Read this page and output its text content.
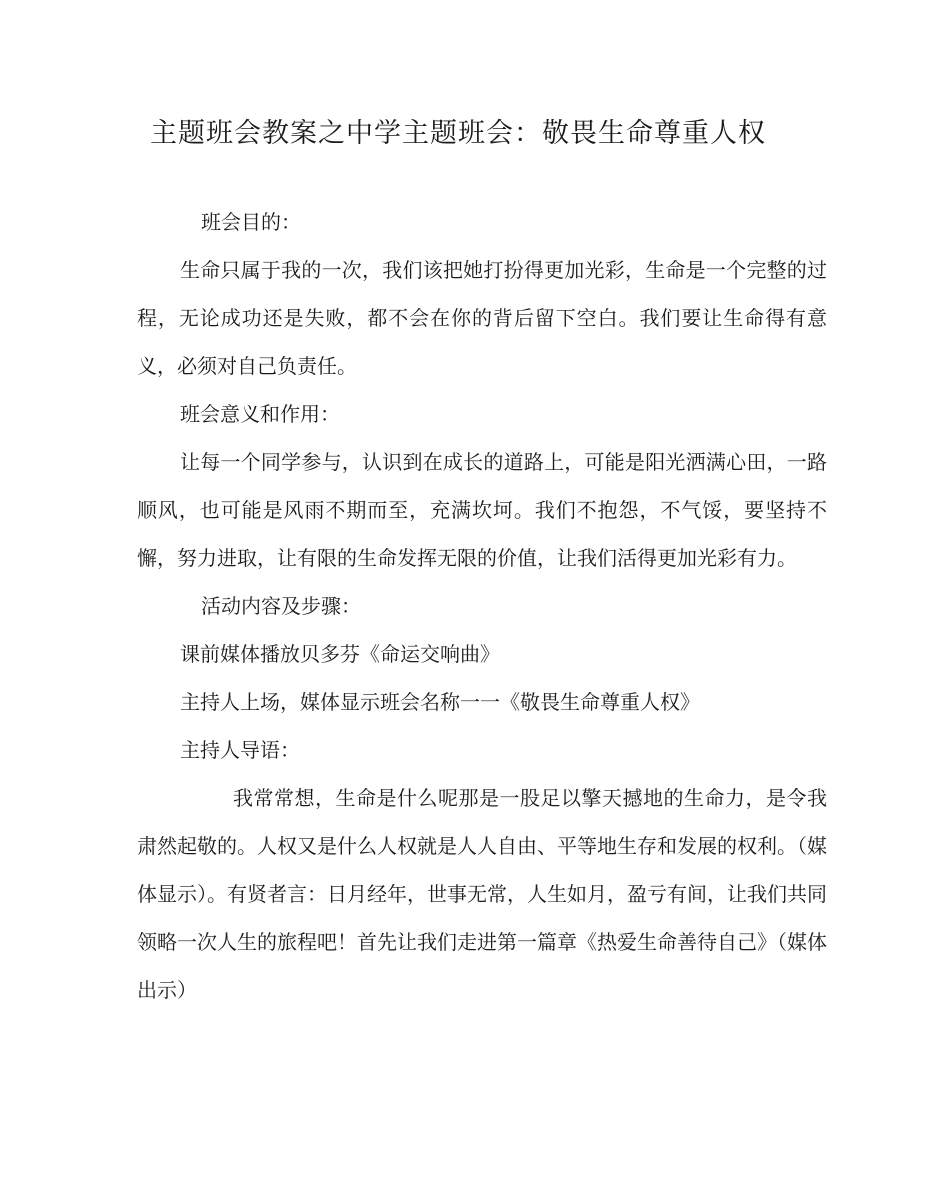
主题班会教案之中学主题班会：敬畏生命尊重人权

班会目的：

生命只属于我的一次，我们该把她打扮得更加光彩，生命是一个完整的过程，无论成功还是失败，都不会在你的背后留下空白。我们要让生命得有意义，必须对自己负责任。

班会意义和作用：

让每一个同学参与，认识到在成长的道路上，可能是阳光洒满心田，一路顺风，也可能是风雨不期而至，充满坎坷。我们不抱怨，不气馁，要坚持不懈，努力进取，让有限的生命发挥无限的价值，让我们活得更加光彩有力。

活动内容及步骤：

课前媒体播放贝多芬《命运交响曲》

主持人上场，媒体显示班会名称一一《敬畏生命尊重人权》

主持人导语：

我常常想，生命是什么呢那是一股足以擎天撼地的生命力，是令我肃然起敬的。人权又是什么人权就是人人自由、平等地生存和发展的权利。（媒体显示）。有贤者言：日月经年，世事无常，人生如月，盈亏有间，让我们共同领略一次人生的旅程吧！首先让我们走进第一篇章《热爱生命善待自己》（媒体出示）
